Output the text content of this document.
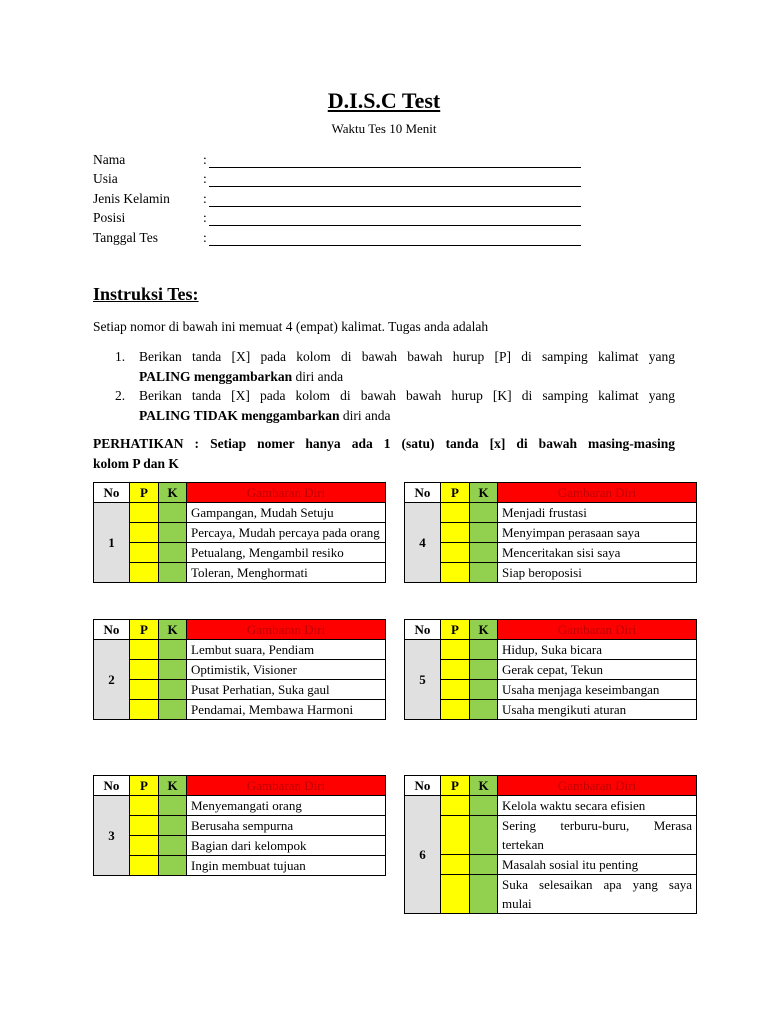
D.I.S.C Test
Waktu Tes 10 Menit
Nama	:
Usia	:
Jenis Kelamin	:
Posisi	:
Tanggal Tes	:
Instruksi Tes:
Setiap nomor di bawah ini memuat 4 (empat) kalimat. Tugas anda adalah
1.	Berikan tanda [X] pada kolom di bawah bawah hurup [P] di samping kalimat yang
PALING menggambarkan diri anda
2.	Berikan tanda [X] pada kolom di bawah bawah hurup [K] di samping kalimat yang
PALING TIDAK menggambarkan diri anda
PERHATIKAN : Setiap nomer hanya ada 1 (satu) tanda [x] di bawah masing-masing
kolom P dan K
No	P	K	Gambaran Diri
1			Gampangan, Mudah Setuju
			Percaya, Mudah percaya pada orang

			Petualang, Mengambil resiko
			Toleran, Menghormati
No	P	K	Gambaran Diri
4			Menjadi frustasi
			Menyimpan perasaan saya

			Menceritakan sisi saya
			Siap beroposisi
No	P	K	Gambaran Diri
2			Lembut suara, Pendiam
			Optimistik, Visioner
			Pusat Perhatian, Suka gaul

			Pendamai, Membawa Harmoni

No	P	K	Gambaran Diri
5			Hidup, Suka bicara
			Gerak cepat, Tekun
			Usaha menjaga keseimbangan

			Usaha mengikuti aturan
No	P	K	Gambaran Diri
3			Menyemangati orang
			Berusaha sempurna

			Bagian dari kelompok
			Ingin membuat tujuan

No	P	K	Gambaran Diri
6			Kelola waktu secara efisien
			Sering terburu-buru, Merasa tertekan

			Masalah sosial itu penting
			Suka selesaikan apa yang saya mulai
